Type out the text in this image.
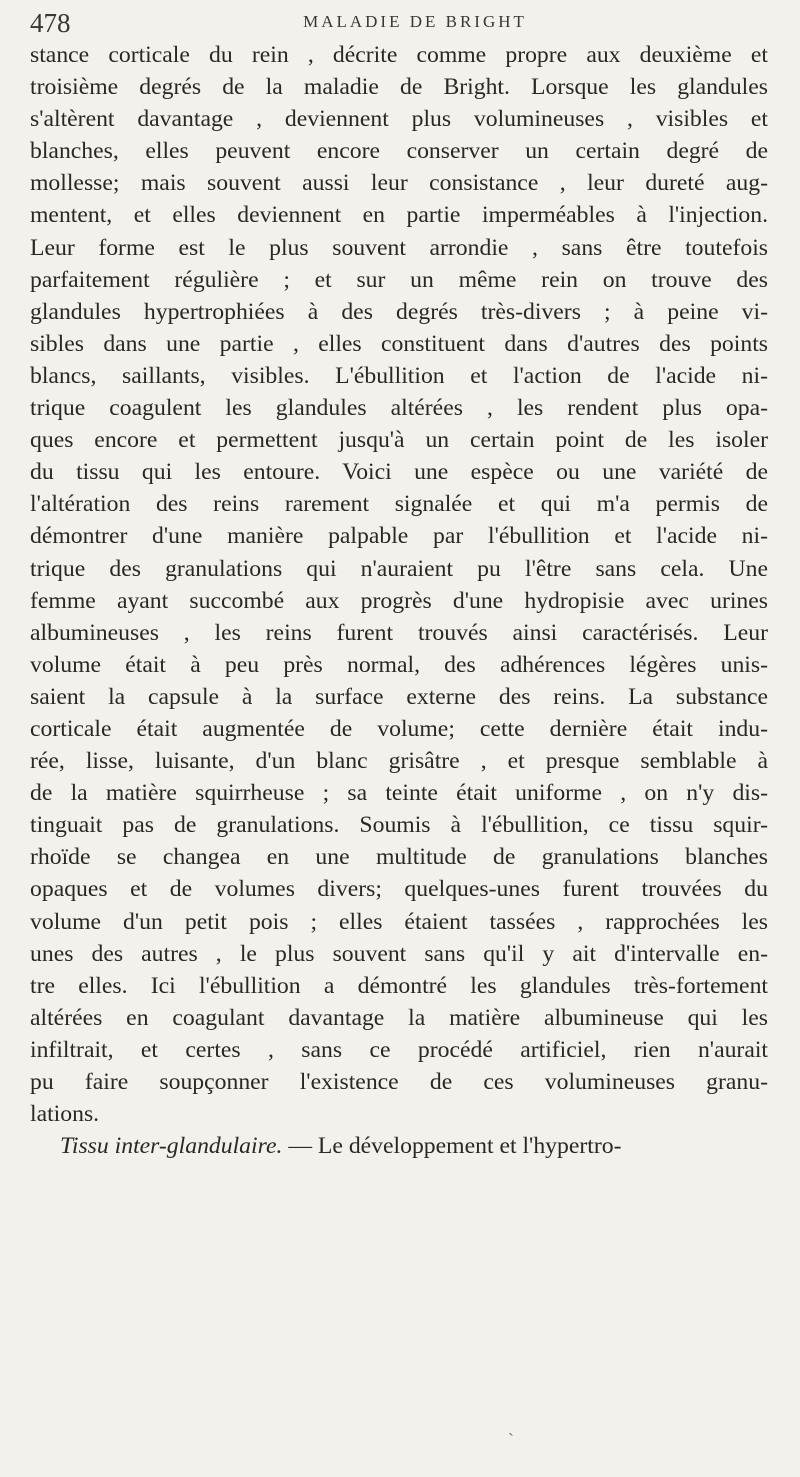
478	MALADIE DE BRIGHT
stance corticale du rein , décrite comme propre aux deuxième et
troisième degrés de la maladie de Bright. Lorsque les glandules
s'altèrent davantage , deviennent plus volumineuses , visibles et
blanches, elles peuvent encore conserver un certain degré de
mollesse; mais souvent aussi leur consistance , leur dureté aug-
mentent, et elles deviennent en partie imperméables à l'injection.
Leur forme est le plus souvent arrondie , sans être toutefois
parfaitement régulière ; et sur un même rein on trouve des
glandules hypertrophiées à des degrés très-divers ; à peine vi-
sibles dans une partie , elles constituent dans d'autres des points
blancs, saillants, visibles. L'ébullition et l'action de l'acide ni-
trique coagulent les glandules altérées , les rendent plus opa-
ques encore et permettent jusqu'à un certain point de les isoler
du tissu qui les entoure. Voici une espèce ou une variété de
l'altération des reins rarement signalée et qui m'a permis de
démontrer d'une manière palpable par l'ébullition et l'acide ni-
trique des granulations qui n'auraient pu l'être sans cela. Une
femme ayant succombé aux progrès d'une hydropisie avec urines
albumineuses , les reins furent trouvés ainsi caractérisés. Leur
volume était à peu près normal, des adhérences légères unis-
saient la capsule à la surface externe des reins. La substance
corticale était augmentée de volume; cette dernière était indu-
rée, lisse, luisante, d'un blanc grisâtre , et presque semblable à
de la matière squirrheuse ; sa teinte était uniforme , on n'y dis-
tinguait pas de granulations. Soumis à l'ébullition, ce tissu squir-
rhoïde se changea en une multitude de granulations blanches
opaques et de volumes divers; quelques-unes furent trouvées du
volume d'un petit pois ; elles étaient tassées , rapprochées les
unes des autres , le plus souvent sans qu'il y ait d'intervalle en-
tre elles. Ici l'ébullition a démontré les glandules très-fortement
altérées en coagulant davantage la matière albumineuse qui les
infiltrait, et certes , sans ce procédé artificiel, rien n'aurait
pu faire soupçonner l'existence de ces volumineuses granu-
lations.
Tissu inter-glandulaire. — Le développement et l'hypertro-
ˏ
